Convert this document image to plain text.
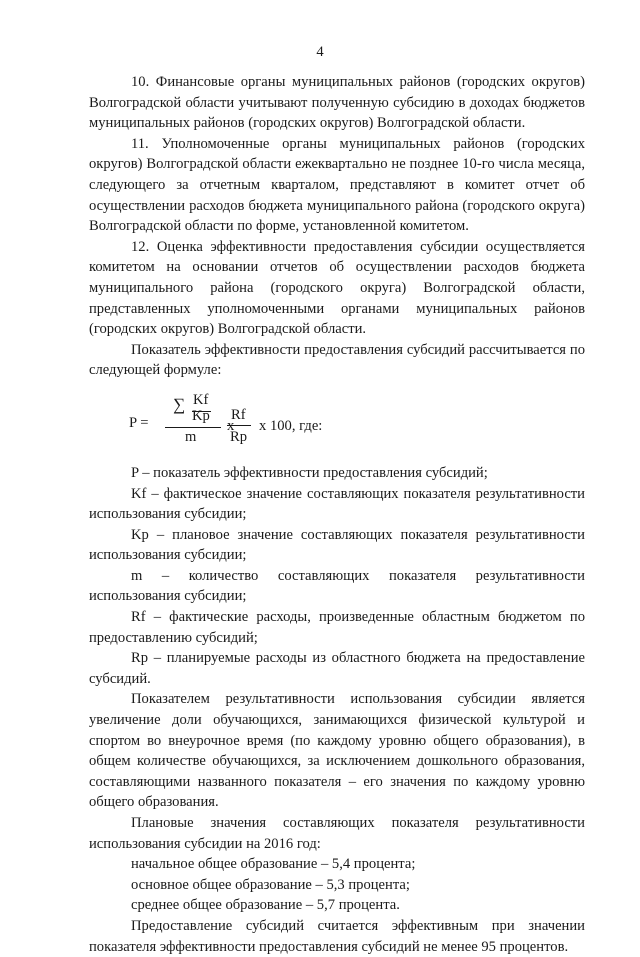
4

10. Финансовые органы муниципальных районов (городских округов) Волгоградской области учитывают полученную субсидию в доходах бюджетов муниципальных районов (городских округов) Волгоградской области.

11. Уполномоченные органы муниципальных районов (городских округов) Волгоградской области ежеквартально не позднее 10-го числа месяца, следующего за отчетным кварталом, представляют в комитет отчет об осуществлении расходов бюджета муниципального района (городского округа) Волгоградской области по форме, установленной комитетом.

12. Оценка эффективности предоставления субсидии осуществляется комитетом на основании отчетов об осуществлении расходов бюджета муниципального района (городского округа) Волгоградской области, представленных уполномоченными органами муниципальных районов (городских округов) Волгоградской области.

Показатель эффективности предоставления субсидий рассчитывается по следующей формуле:

P =
∑ Kf
Kp
m
x
Rf
Rp
x 100, где:

P – показатель эффективности предоставления субсидий;

Kf – фактическое значение составляющих показателя результативности использования субсидии;

Kp – плановое значение составляющих показателя результативности использования субсидии;

m – количество составляющих показателя результативности использования субсидии;

Rf – фактические расходы, произведенные областным бюджетом по предоставлению субсидий;

Rp – планируемые расходы из областного бюджета на предоставление субсидий.

Показателем результативности использования субсидии является увеличение доли обучающихся, занимающихся физической культурой и спортом во внеурочное время (по каждому уровню общего образования), в общем количестве обучающихся, за исключением дошкольного образования, составляющими названного показателя – его значения по каждому уровню общего образования.

Плановые значения составляющих показателя результативности использования субсидии на 2016 год:

начальное общее образование – 5,4 процента;

основное общее образование – 5,3 процента;

среднее общее образование – 5,7 процента.

Предоставление субсидий считается эффективным при значении показателя эффективности предоставления субсидий не менее 95 процентов.
